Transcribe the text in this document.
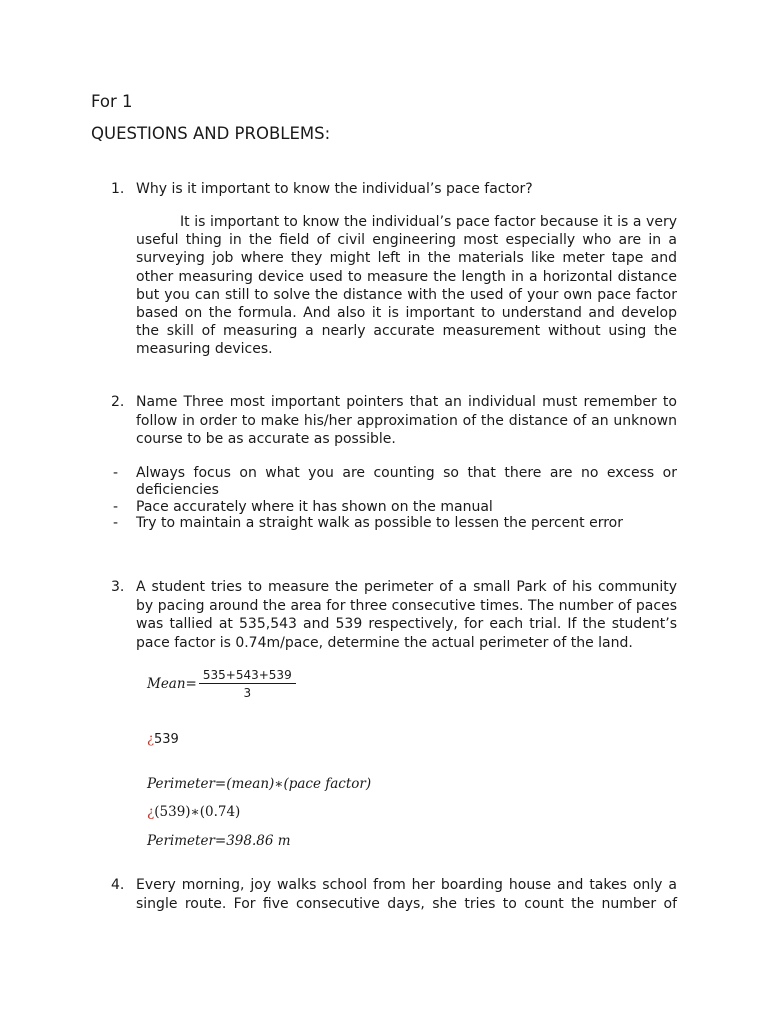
For 1
QUESTIONS AND PROBLEMS:
1. Why is it important to know the individual’s pace factor?
It is important to know the individual’s pace factor because it is a very useful thing in the field of civil engineering most especially who are in a surveying job where they might left in the materials like meter tape and other measuring device used to measure the length in a horizontal distance but you can still to solve the distance with the used of your own pace factor based on the formula. And also it is important to understand and develop the skill of measuring a nearly accurate measurement without using the measuring devices.
2. Name Three most important pointers that an individual must remember to follow in order to make his/her approximation of the distance of an unknown course to be as accurate as possible.
- Always focus on what you are counting so that there are no excess or deficiencies
- Pace accurately where it has shown on the manual
- Try to maintain a straight walk as possible to lessen the percent error
3. A student tries to measure the perimeter of a small Park of his community by pacing around the area for three consecutive times. The number of paces was tallied at 535,543 and 539 respectively, for each trial. If the student’s pace factor is 0.74m/pace, determine the actual perimeter of the land.
Mean= $\frac{535+543+539}{3}$
¿539
Perimeter=(mean)∗(pace factor)
¿(539)∗(0.74)
Perimeter=398.86 m
4. Every morning, joy walks school from her boarding house and takes only a
single route. For five consecutive days, she tries to count the number of
